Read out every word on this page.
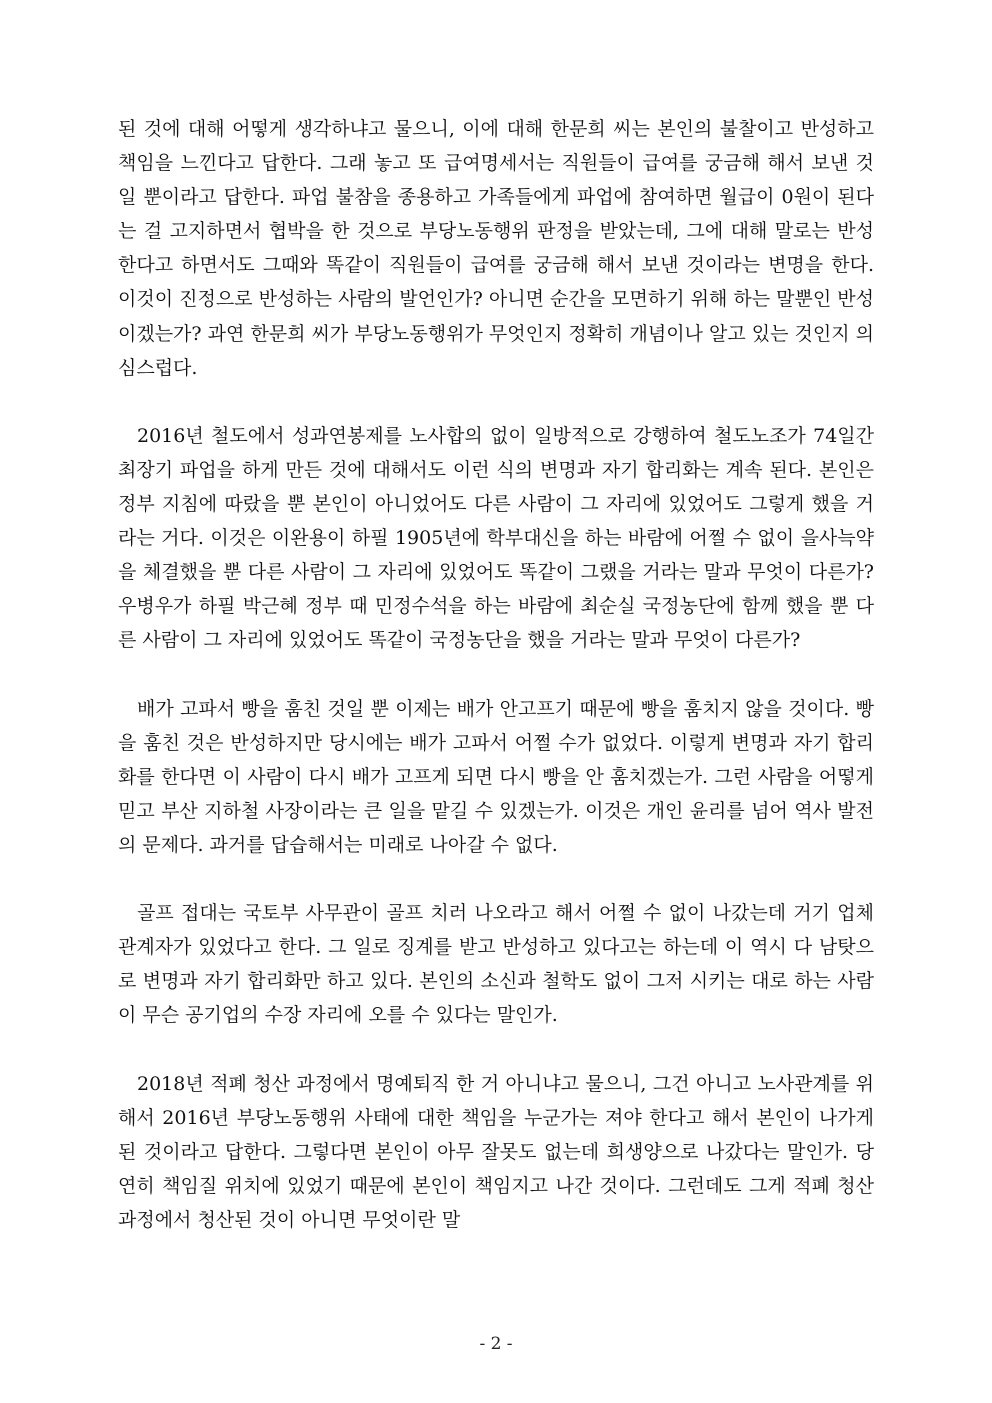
된 것에 대해 어떻게 생각하냐고 물으니, 이에 대해 한문희 씨는 본인의 불찰이고 반성하고 책임을 느낀다고 답한다. 그래 놓고 또 급여명세서는 직원들이 급여를 궁금해 해서 보낸 것일 뿐이라고 답한다. 파업 불참을 종용하고 가족들에게 파업에 참여하면 월급이 0원이 된다는 걸 고지하면서 협박을 한 것으로 부당노동행위 판정을 받았는데, 그에 대해 말로는 반성한다고 하면서도 그때와 똑같이 직원들이 급여를 궁금해 해서 보낸 것이라는 변명을 한다. 이것이 진정으로 반성하는 사람의 발언인가? 아니면 순간을 모면하기 위해 하는 말뿐인 반성이겠는가? 과연 한문희 씨가 부당노동행위가 무엇인지 정확히 개념이나 알고 있는 것인지 의심스럽다.

2016년 철도에서 성과연봉제를 노사합의 없이 일방적으로 강행하여 철도노조가 74일간 최장기 파업을 하게 만든 것에 대해서도 이런 식의 변명과 자기 합리화는 계속 된다. 본인은 정부 지침에 따랐을 뿐 본인이 아니었어도 다른 사람이 그 자리에 있었어도 그렇게 했을 거라는 거다. 이것은 이완용이 하필 1905년에 학부대신을 하는 바람에 어쩔 수 없이 을사늑약을 체결했을 뿐 다른 사람이 그 자리에 있었어도 똑같이 그랬을 거라는 말과 무엇이 다른가? 우병우가 하필 박근혜 정부 때 민정수석을 하는 바람에 최순실 국정농단에 함께 했을 뿐 다른 사람이 그 자리에 있었어도 똑같이 국정농단을 했을 거라는 말과 무엇이 다른가?

배가 고파서 빵을 훔친 것일 뿐 이제는 배가 안고프기 때문에 빵을 훔치지 않을 것이다. 빵을 훔친 것은 반성하지만 당시에는 배가 고파서 어쩔 수가 없었다. 이렇게 변명과 자기 합리화를 한다면 이 사람이 다시 배가 고프게 되면 다시 빵을 안 훔치겠는가. 그런 사람을 어떻게 믿고 부산 지하철 사장이라는 큰 일을 맡길 수 있겠는가. 이것은 개인 윤리를 넘어 역사 발전의 문제다. 과거를 답습해서는 미래로 나아갈 수 없다.

골프 접대는 국토부 사무관이 골프 치러 나오라고 해서 어쩔 수 없이 나갔는데 거기 업체 관계자가 있었다고 한다. 그 일로 징계를 받고 반성하고 있다고는 하는데 이 역시 다 남탓으로 변명과 자기 합리화만 하고 있다. 본인의 소신과 철학도 없이 그저 시키는 대로 하는 사람이 무슨 공기업의 수장 자리에 오를 수 있다는 말인가.

2018년 적폐 청산 과정에서 명예퇴직 한 거 아니냐고 물으니, 그건 아니고 노사관계를 위해서 2016년 부당노동행위 사태에 대한 책임을 누군가는 져야 한다고 해서 본인이 나가게 된 것이라고 답한다. 그렇다면 본인이 아무 잘못도 없는데 희생양으로 나갔다는 말인가. 당연히 책임질 위치에 있었기 때문에 본인이 책임지고 나간 것이다. 그런데도 그게 적폐 청산 과정에서 청산된 것이 아니면 무엇이란 말

- 2 -
